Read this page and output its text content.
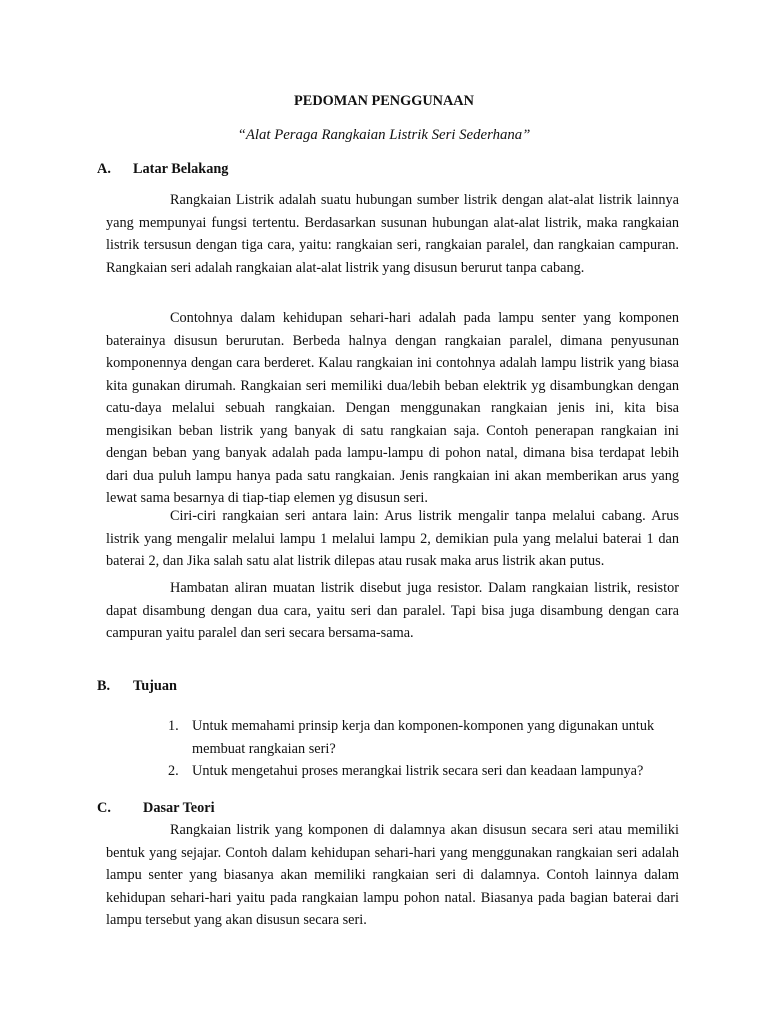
PEDOMAN PENGGUNAAN
“Alat Peraga Rangkaian Listrik Seri Sederhana”
A. Latar Belakang

Rangkaian Listrik adalah suatu hubungan sumber listrik dengan alat-alat listrik lainnya yang mempunyai fungsi tertentu. Berdasarkan susunan hubungan alat-alat listrik, maka rangkaian listrik tersusun dengan tiga cara, yaitu: rangkaian seri, rangkaian paralel, dan rangkaian campuran. Rangkaian seri adalah rangkaian alat-alat listrik yang disusun berurut tanpa cabang.

Contohnya dalam kehidupan sehari-hari adalah pada lampu senter yang komponen baterainya disusun berurutan. Berbeda halnya dengan rangkaian paralel, dimana penyusunan komponennya dengan cara berderet. Kalau rangkaian ini contohnya adalah lampu listrik yang biasa kita gunakan dirumah. Rangkaian seri memiliki dua/lebih beban elektrik yg disambungkan dengan catu-daya melalui sebuah rangkaian. Dengan menggunakan rangkaian jenis ini, kita bisa mengisikan beban listrik yang banyak di satu rangkaian saja. Contoh penerapan rangkaian ini dengan beban yang banyak adalah pada lampu-lampu di pohon natal, dimana bisa terdapat lebih dari dua puluh lampu hanya pada satu rangkaian. Jenis rangkaian ini akan memberikan arus yang lewat sama besarnya di tiap-tiap elemen yg disusun seri.

Ciri-ciri rangkaian seri antara lain: Arus listrik mengalir tanpa melalui cabang. Arus listrik yang mengalir melalui lampu 1 melalui lampu 2, demikian pula yang melalui baterai 1 dan baterai 2, dan Jika salah satu alat listrik dilepas atau rusak maka arus listrik akan putus.

Hambatan aliran muatan listrik disebut juga resistor. Dalam rangkaian listrik, resistor dapat disambung dengan dua cara, yaitu seri dan paralel. Tapi bisa juga disambung dengan cara campuran yaitu paralel dan seri secara bersama-sama.

B. Tujuan
1. Untuk memahami prinsip kerja dan komponen-komponen yang digunakan untuk membuat rangkaian seri?
2. Untuk mengetahui proses merangkai listrik secara seri dan keadaan lampunya?
C. Dasar Teori

Rangkaian listrik yang komponen di dalamnya akan disusun secara seri atau memiliki bentuk yang sejajar. Contoh dalam kehidupan sehari-hari yang menggunakan rangkaian seri adalah lampu senter yang biasanya akan memiliki rangkaian seri di dalamnya. Contoh lainnya dalam kehidupan sehari-hari yaitu pada rangkaian lampu pohon natal. Biasanya pada bagian baterai dari lampu tersebut yang akan disusun secara seri.
